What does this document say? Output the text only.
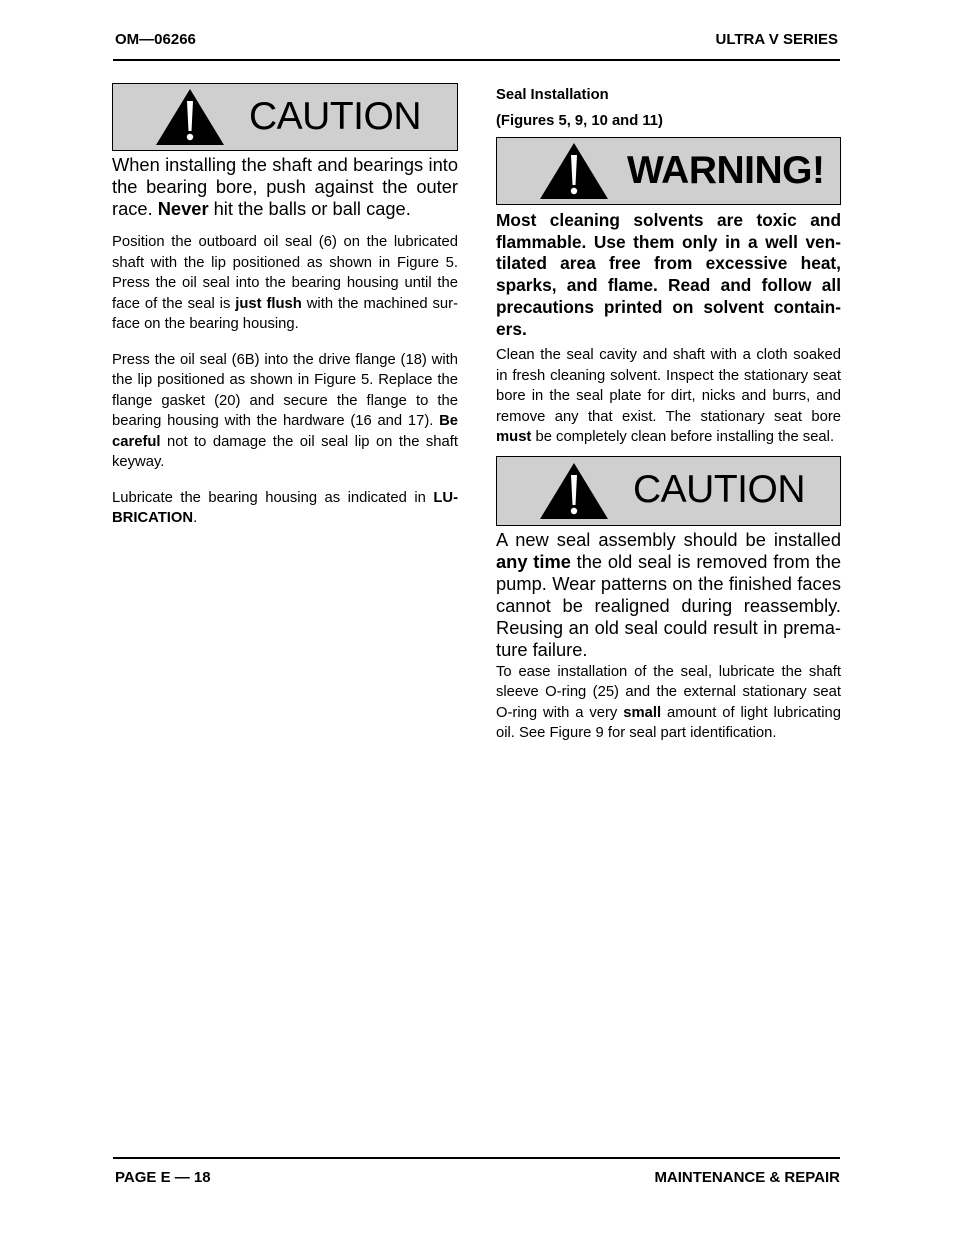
OM—06266	ULTRA V SERIES
CAUTION

When installing the shaft and bearings into the bearing bore, push against the outer race. Never hit the balls or ball cage.

Position the outboard oil seal (6) on the lubricated shaft with the lip positioned as shown in Figure 5. Press the oil seal into the bearing housing until the face of the seal is just flush with the machined surface on the bearing housing.

Press the oil seal (6B) into the drive flange (18) with the lip positioned as shown in Figure 5. Replace the flange gasket (20) and secure the flange to the bearing housing with the hardware (16 and 17). Be careful not to damage the oil seal lip on the shaft keyway.

Lubricate the bearing housing as indicated in LUBRICATION.

Seal Installation

(Figures 5, 9, 10 and 11)

WARNING!

Most cleaning solvents are toxic and flammable. Use them only in a well ventilated area free from excessive heat, sparks, and flame. Read and follow all precautions printed on solvent containers.

Clean the seal cavity and shaft with a cloth soaked in fresh cleaning solvent. Inspect the stationary seat bore in the seal plate for dirt, nicks and burrs, and remove any that exist. The stationary seat bore must be completely clean before installing the seal.

CAUTION

A new seal assembly should be installed any time the old seal is removed from the pump. Wear patterns on the finished faces cannot be realigned during reassembly. Reusing an old seal could result in premature failure.

To ease installation of the seal, lubricate the shaft sleeve O-ring (25) and the external stationary seat O-ring with a very small amount of light lubricating oil. See Figure 9 for seal part identification.

PAGE E — 18	MAINTENANCE & REPAIR
